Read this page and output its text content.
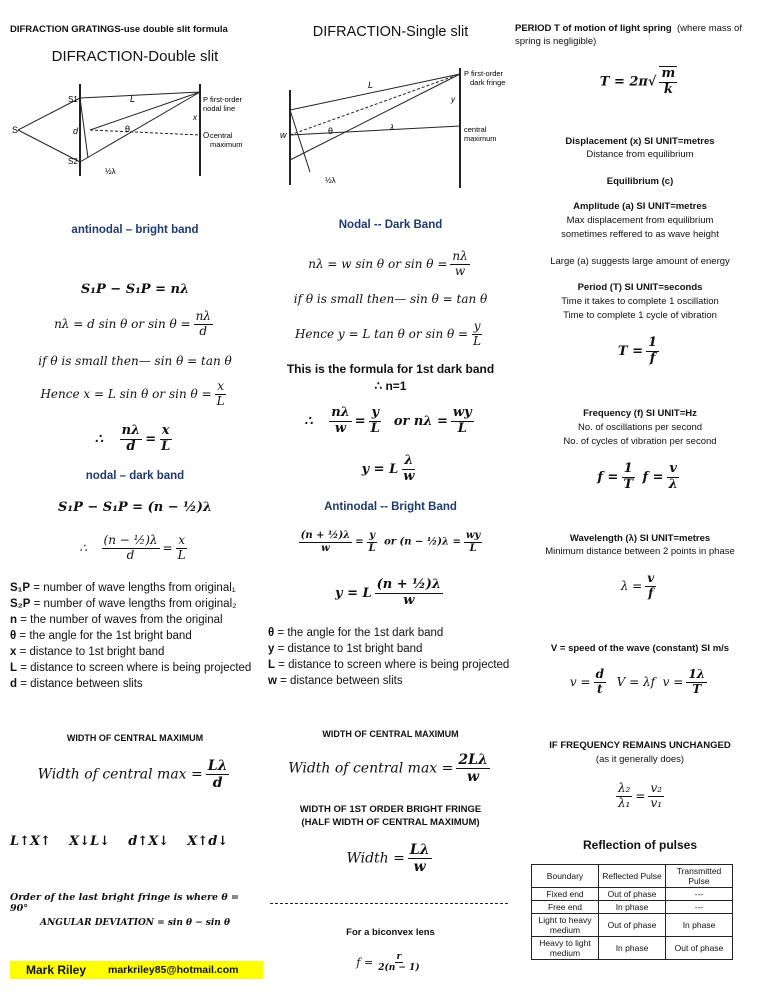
DIFRACTION GRATINGS-use double slit formula
DIFRACTION-Double slit
S
S1
S2
d
L
θ
P first-order
nodal line
x
O central
maximum
½λ
antinodal – bright band
S₁P − S₁P = nλ
nλ = d sin θ or $\sin \theta = \frac{n\lambda}{d}$
if θ is small then— sin θ = tan θ
Hence x = L sin θ or $\sin \theta = \frac{x}{L}$
∴ $\frac{n\lambda}{d} = \frac{x}{L}$
nodal – dark band
S₁P − S₁P = (n − ½)λ
∴ $\frac{\text{(n − ½)λ}}{d} = \frac{x}{L}$
S₁P = number of wave lengths from original₁
S₂P = number of wave lengths from original₂
n = the number of waves from the original
θ = the angle for the 1st bright band
x = distance to 1st bright band
L = distance to screen where is being projected
d = distance between slits
WIDTH OF CENTRAL MAXIMUM
Width of central $\max = \frac{L\lambda}{d}$
L↑X↑    X↓L↓    d↑X↓    X↑d↓
Order of the last bright fringe is where θ = 90°
ANGULAR DEVIATION = sin θ − sin θ
Mark Riley markriley85@hotmail.com
DIFRACTION-Single slit
L
w	θ	λ
y
P first-order
dark fringe
central
maximum
½λ
Nodal -- Dark Band
nλ = w sin θ or $\sin \theta = \frac{n\lambda}{w}$
if θ is small then— sin θ = tan θ
Hence y = L tan θ or $\sin \theta = \frac{y}{L}$
This is the formula for 1st dark band
∴ n=1
∴ $\frac{n\lambda}{w} = \frac{y}{L}$ or $n\lambda = \frac{wy}{L}$
y = L $\frac{\lambda}{w}$
Antinodal -- Bright Band
$\frac{\text{(n + ½)λ}}{w} = \frac{y}{L}$ or (n − ½)λ = $\frac{wy}{L}$
y = L $\frac{\text{(n + ½)λ}}{w}$
θ = the angle for the 1st dark band
y = distance to 1st bright band
L = distance to screen where is being projected
w = distance between slits
WIDTH OF CENTRAL MAXIMUM
Width of central $\max = \frac{2L\lambda}{w}$
WIDTH OF 1ST ORDER BRIGHT FRINGE
(HALF WIDTH OF CENTRAL MAXIMUM)
Width = $\frac{L\lambda}{w}$
For a biconvex lens
$f = \frac{r}{2(n - 1)}$
PERIOD T of motion of light spring (where mass of spring is negligible)
$T = 2\pi√ \frac{m}{k}$
Displacement (x) SI UNIT=metres
Distance from equilibrium
Equilibrium (c)
Amplitude (a) SI UNIT=metres
Max displacement from equilibrium
sometimes reffered to as wave height
Large (a) suggests large amount of energy
Period (T) SI UNIT=seconds
Time it takes to complete 1 oscillation
Time to complete 1 cycle of vibration
$T = \frac{1}{f}$
Frequency (f) SI UNIT=Hz
No. of oscillations per second
No. of cycles of vibration per second
$f = \frac{1}{T}$ $f = \frac{v}{\lambda}$
Wavelength (λ) SI UNIT=metres
Minimum distance between 2 points in phase
$\lambda = \frac{v}{f}$
V = speed of the wave (constant) SI m/s
$v = \frac{d}{t}$ V = λf $v = \frac{1\lambda}{T}$
IF FREQUENCY REMAINS UNCHANGED
(as it generally does)
$\frac{\text{λ₂}}{\text{λ₁}} = \frac{\text{v₂}}{\text{v₁}}$
Reflection of pulses
Boundary	Reflected Pulse	Transmitted Pulse
Fixed end	Out of phase	---
Free end	In phase	---
Light to heavy medium	Out of phase	In phase
Heavy to light medium	In phase	Out of phase
